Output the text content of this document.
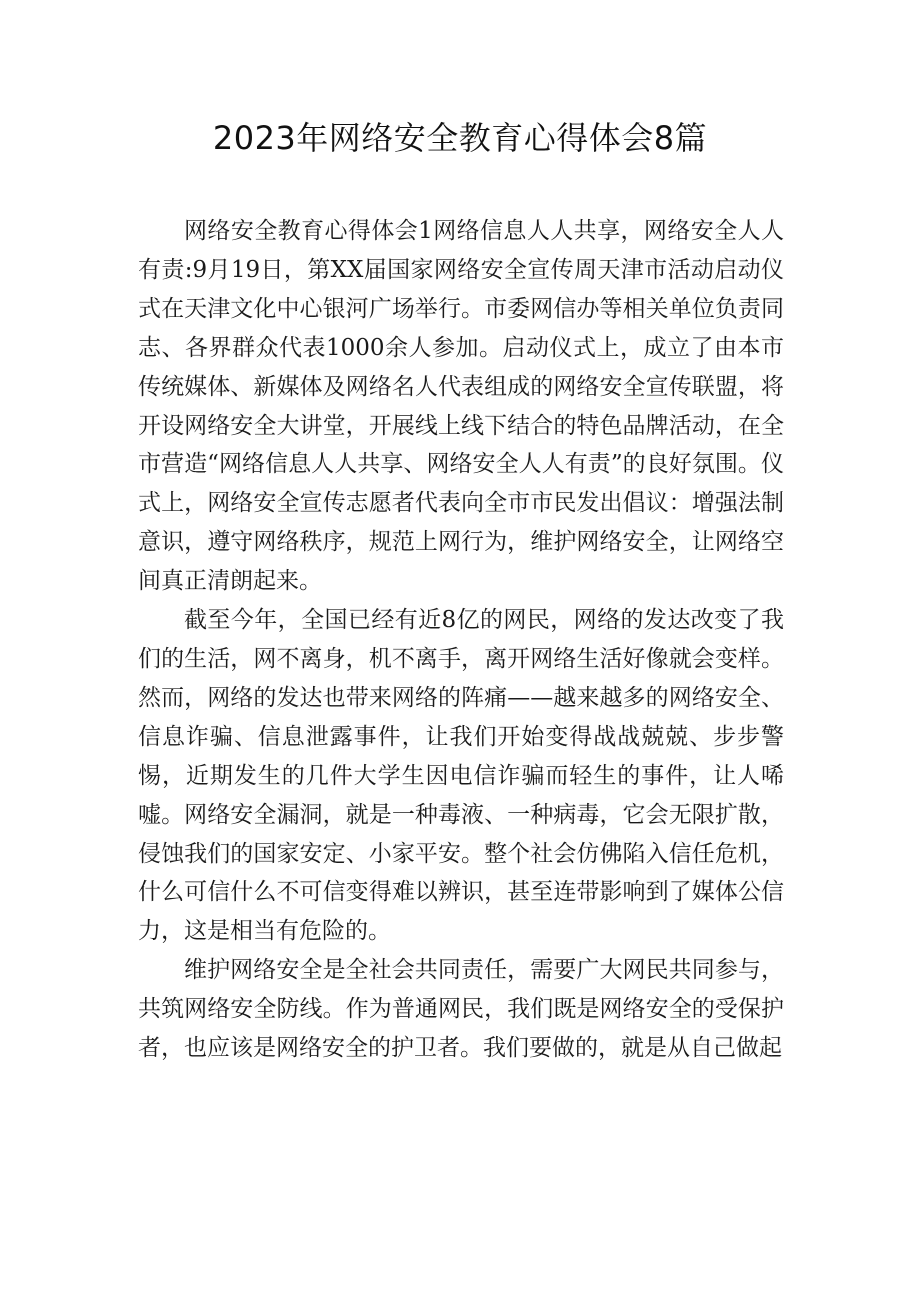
2023年网络安全教育心得体会8篇

网络安全教育心得体会1网络信息人人共享，网络安全人人有责:9月19日，第XX届国家网络安全宣传周天津市活动启动仪式在天津文化中心银河广场举行。市委网信办等相关单位负责同志、各界群众代表1000余人参加。启动仪式上，成立了由本市传统媒体、新媒体及网络名人代表组成的网络安全宣传联盟，将开设网络安全大讲堂，开展线上线下结合的特色品牌活动，在全市营造“网络信息人人共享、网络安全人人有责”的良好氛围。仪式上，网络安全宣传志愿者代表向全市市民发出倡议：增强法制意识，遵守网络秩序，规范上网行为，维护网络安全，让网络空间真正清朗起来。

截至今年，全国已经有近8亿的网民，网络的发达改变了我们的生活，网不离身，机不离手，离开网络生活好像就会变样。然而，网络的发达也带来网络的阵痛——越来越多的网络安全、信息诈骗、信息泄露事件，让我们开始变得战战兢兢、步步警惕，近期发生的几件大学生因电信诈骗而轻生的事件，让人唏嘘。网络安全漏洞，就是一种毒液、一种病毒，它会无限扩散，侵蚀我们的国家安定、小家平安。整个社会仿佛陷入信任危机，什么可信什么不可信变得难以辨识，甚至连带影响到了媒体公信力，这是相当有危险的。

维护网络安全是全社会共同责任，需要广大网民共同参与，共筑网络安全防线。作为普通网民，我们既是网络安全的受保护者，也应该是网络安全的护卫者。我们要做的，就是从自己做起
